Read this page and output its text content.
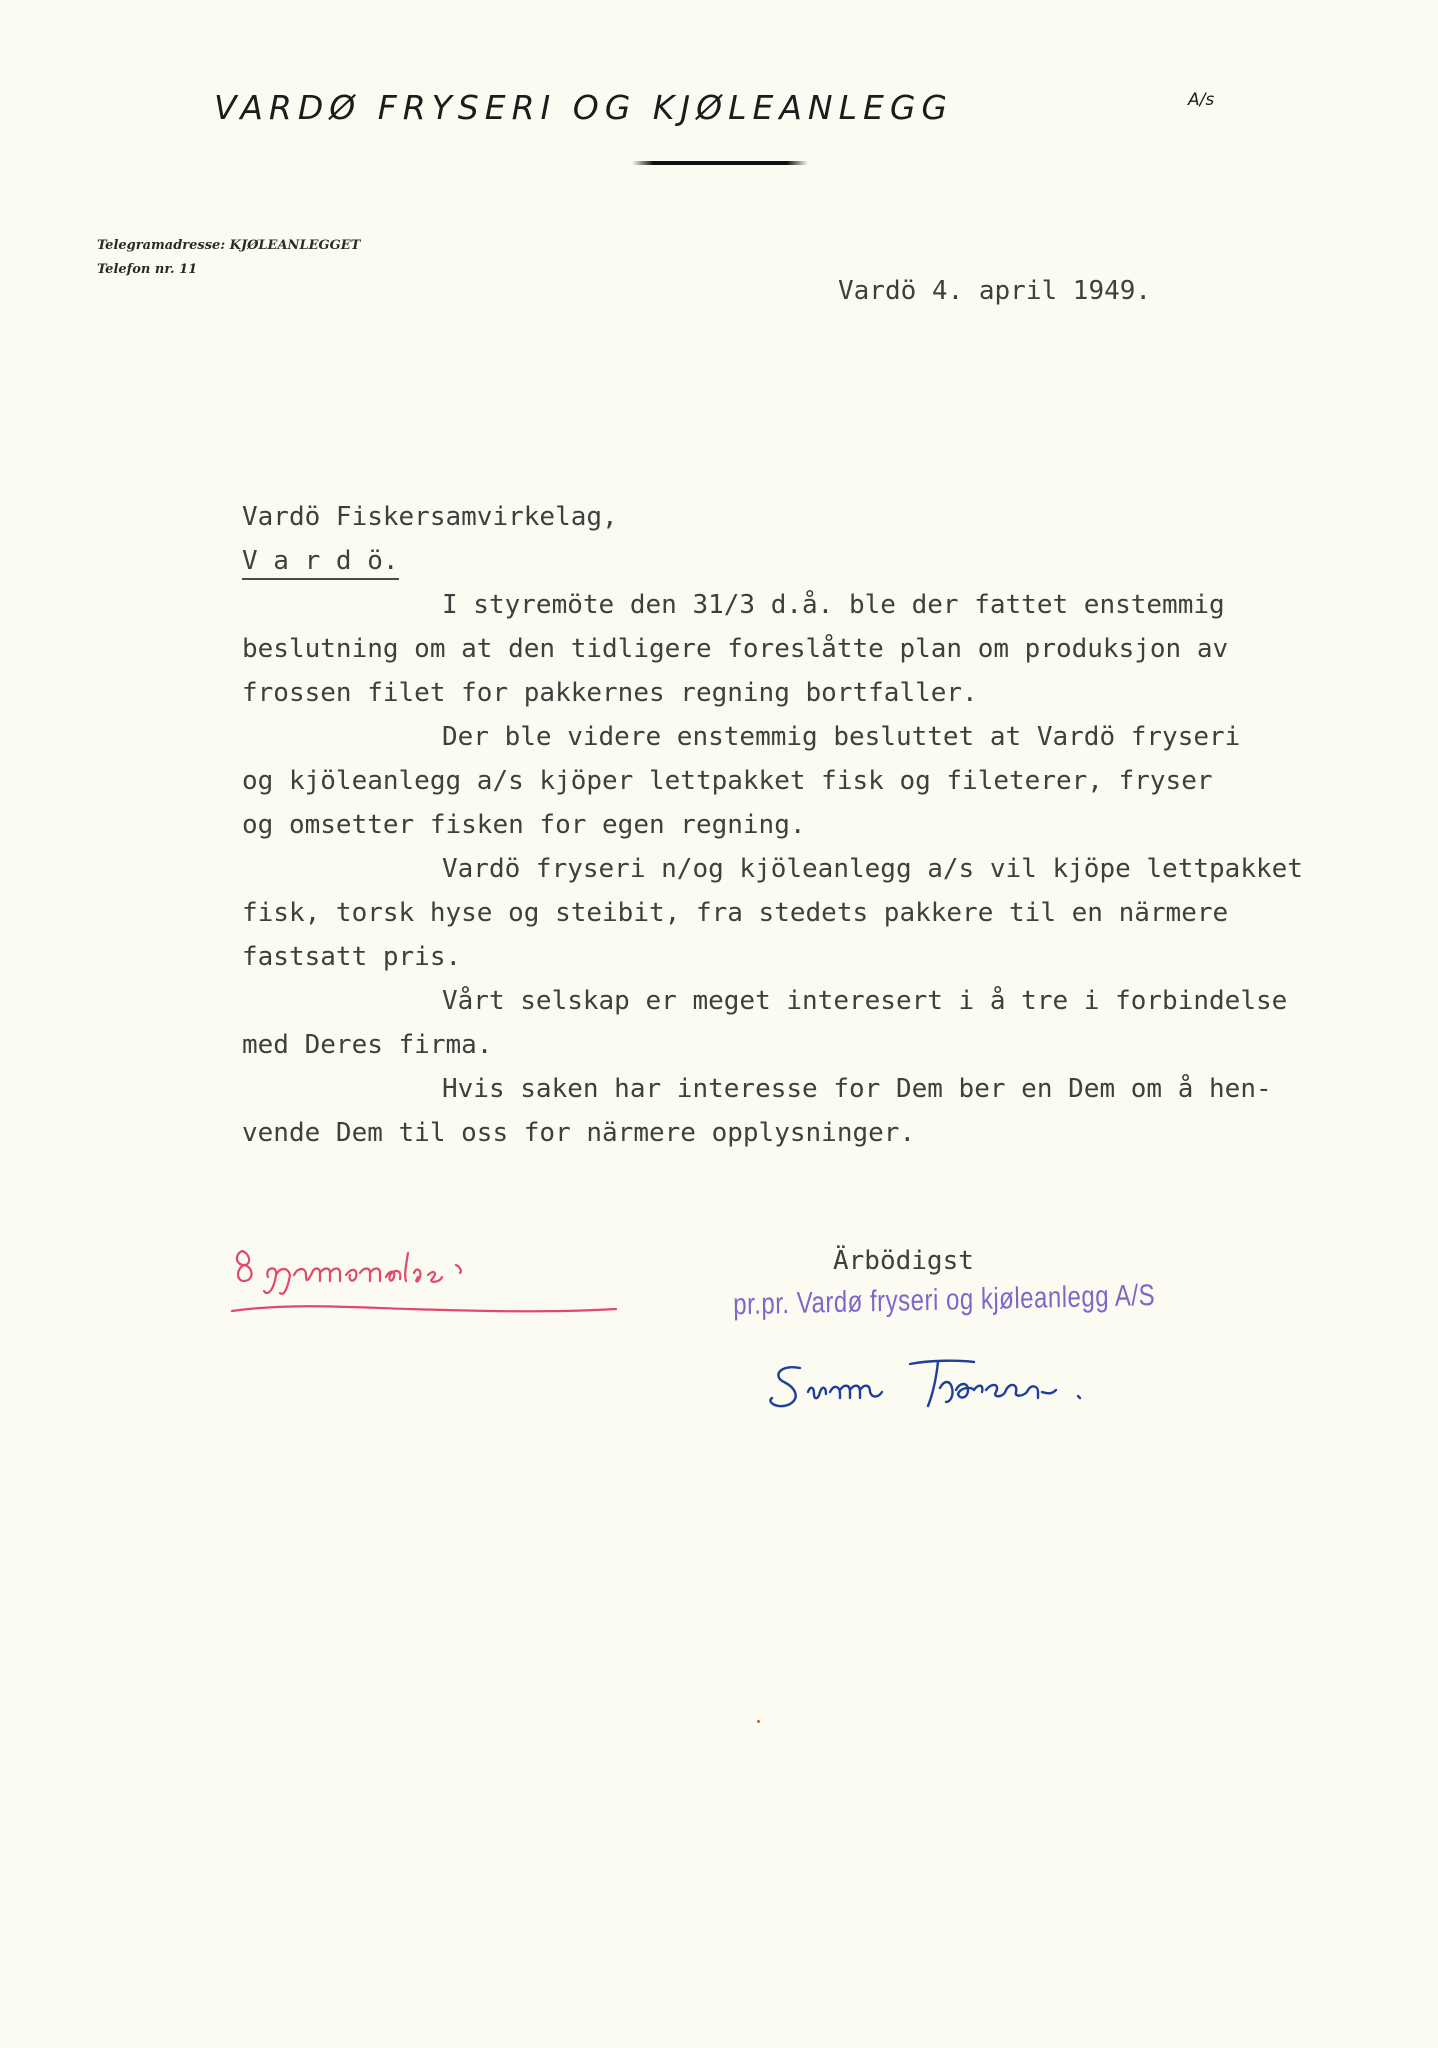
VARDØ FRYSERI OG KJØLEANLEGG	A/s
Telegramadresse: KJØLEANLEGGET
Telefon nr. 11
Vardö 4. april 1949.
Vardö Fiskersamvirkelag,
V a r d ö.
I styremöte den 31/3 d.å. ble der fattet enstemmig
beslutning om at den tidligere foreslåtte plan om produksjon av
frossen filet for pakkernes regning bortfaller.
Der ble videre enstemmig besluttet at Vardö fryseri
og kjöleanlegg a/s kjöper lettpakket fisk og fileterer, fryser
og omsetter fisken for egen regning.
Vardö fryseri n/og kjöleanlegg a/s vil kjöpe lettpakket
fisk, torsk hyse og steibit, fra stedets pakkere til en närmere
fastsatt pris.
Vårt selskap er meget interesert i å tre i forbindelse
med Deres firma.
Hvis saken har interesse for Dem ber en Dem om å hen-
vende Dem til oss for närmere opplysninger.
Ärbödigst
pr.pr. Vardø fryseri og kjøleanlegg A/S
Svein Thoresen
